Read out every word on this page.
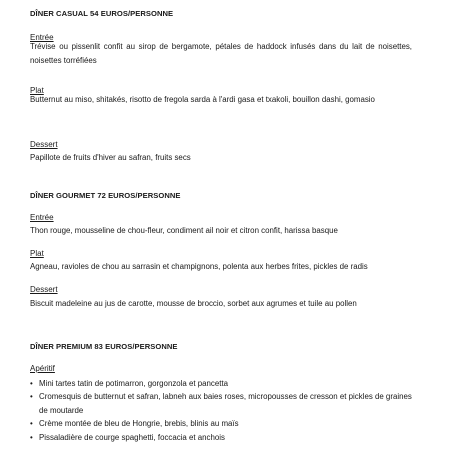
DÎNER CASUAL 54 EUROS/PERSONNE
Entrée
Trévise ou pissenlit confit au sirop de bergamote, pétales de haddock infusés dans du lait de noisettes, noisettes torréfiées
Plat
Butternut au miso, shitakés, risotto de fregola sarda à l'ardi gasa et txakoli, bouillon dashi, gomasio
Dessert
Papillote de fruits d'hiver au safran, fruits secs
DÎNER GOURMET 72 EUROS/PERSONNE
Entrée
Thon rouge, mousseline de chou-fleur, condiment ail noir et citron confit, harissa basque
Plat
Agneau, ravioles de chou au sarrasin et champignons, polenta aux herbes frites, pickles de radis
Dessert
Biscuit madeleine au jus de carotte, mousse de broccio, sorbet aux agrumes et tuile au pollen
DÎNER PREMIUM 83 EUROS/PERSONNE
Apéritif
• Mini tartes tatin de potimarron, gorgonzola et pancetta
• Cromesquis de butternut et safran, labneh aux baies roses, micropousses de cresson et pickles de graines de moutarde
• Crème montée de bleu de Hongrie, brebis, blinis au maïs
• Pissaladière de courge spaghetti, foccacia et anchois
